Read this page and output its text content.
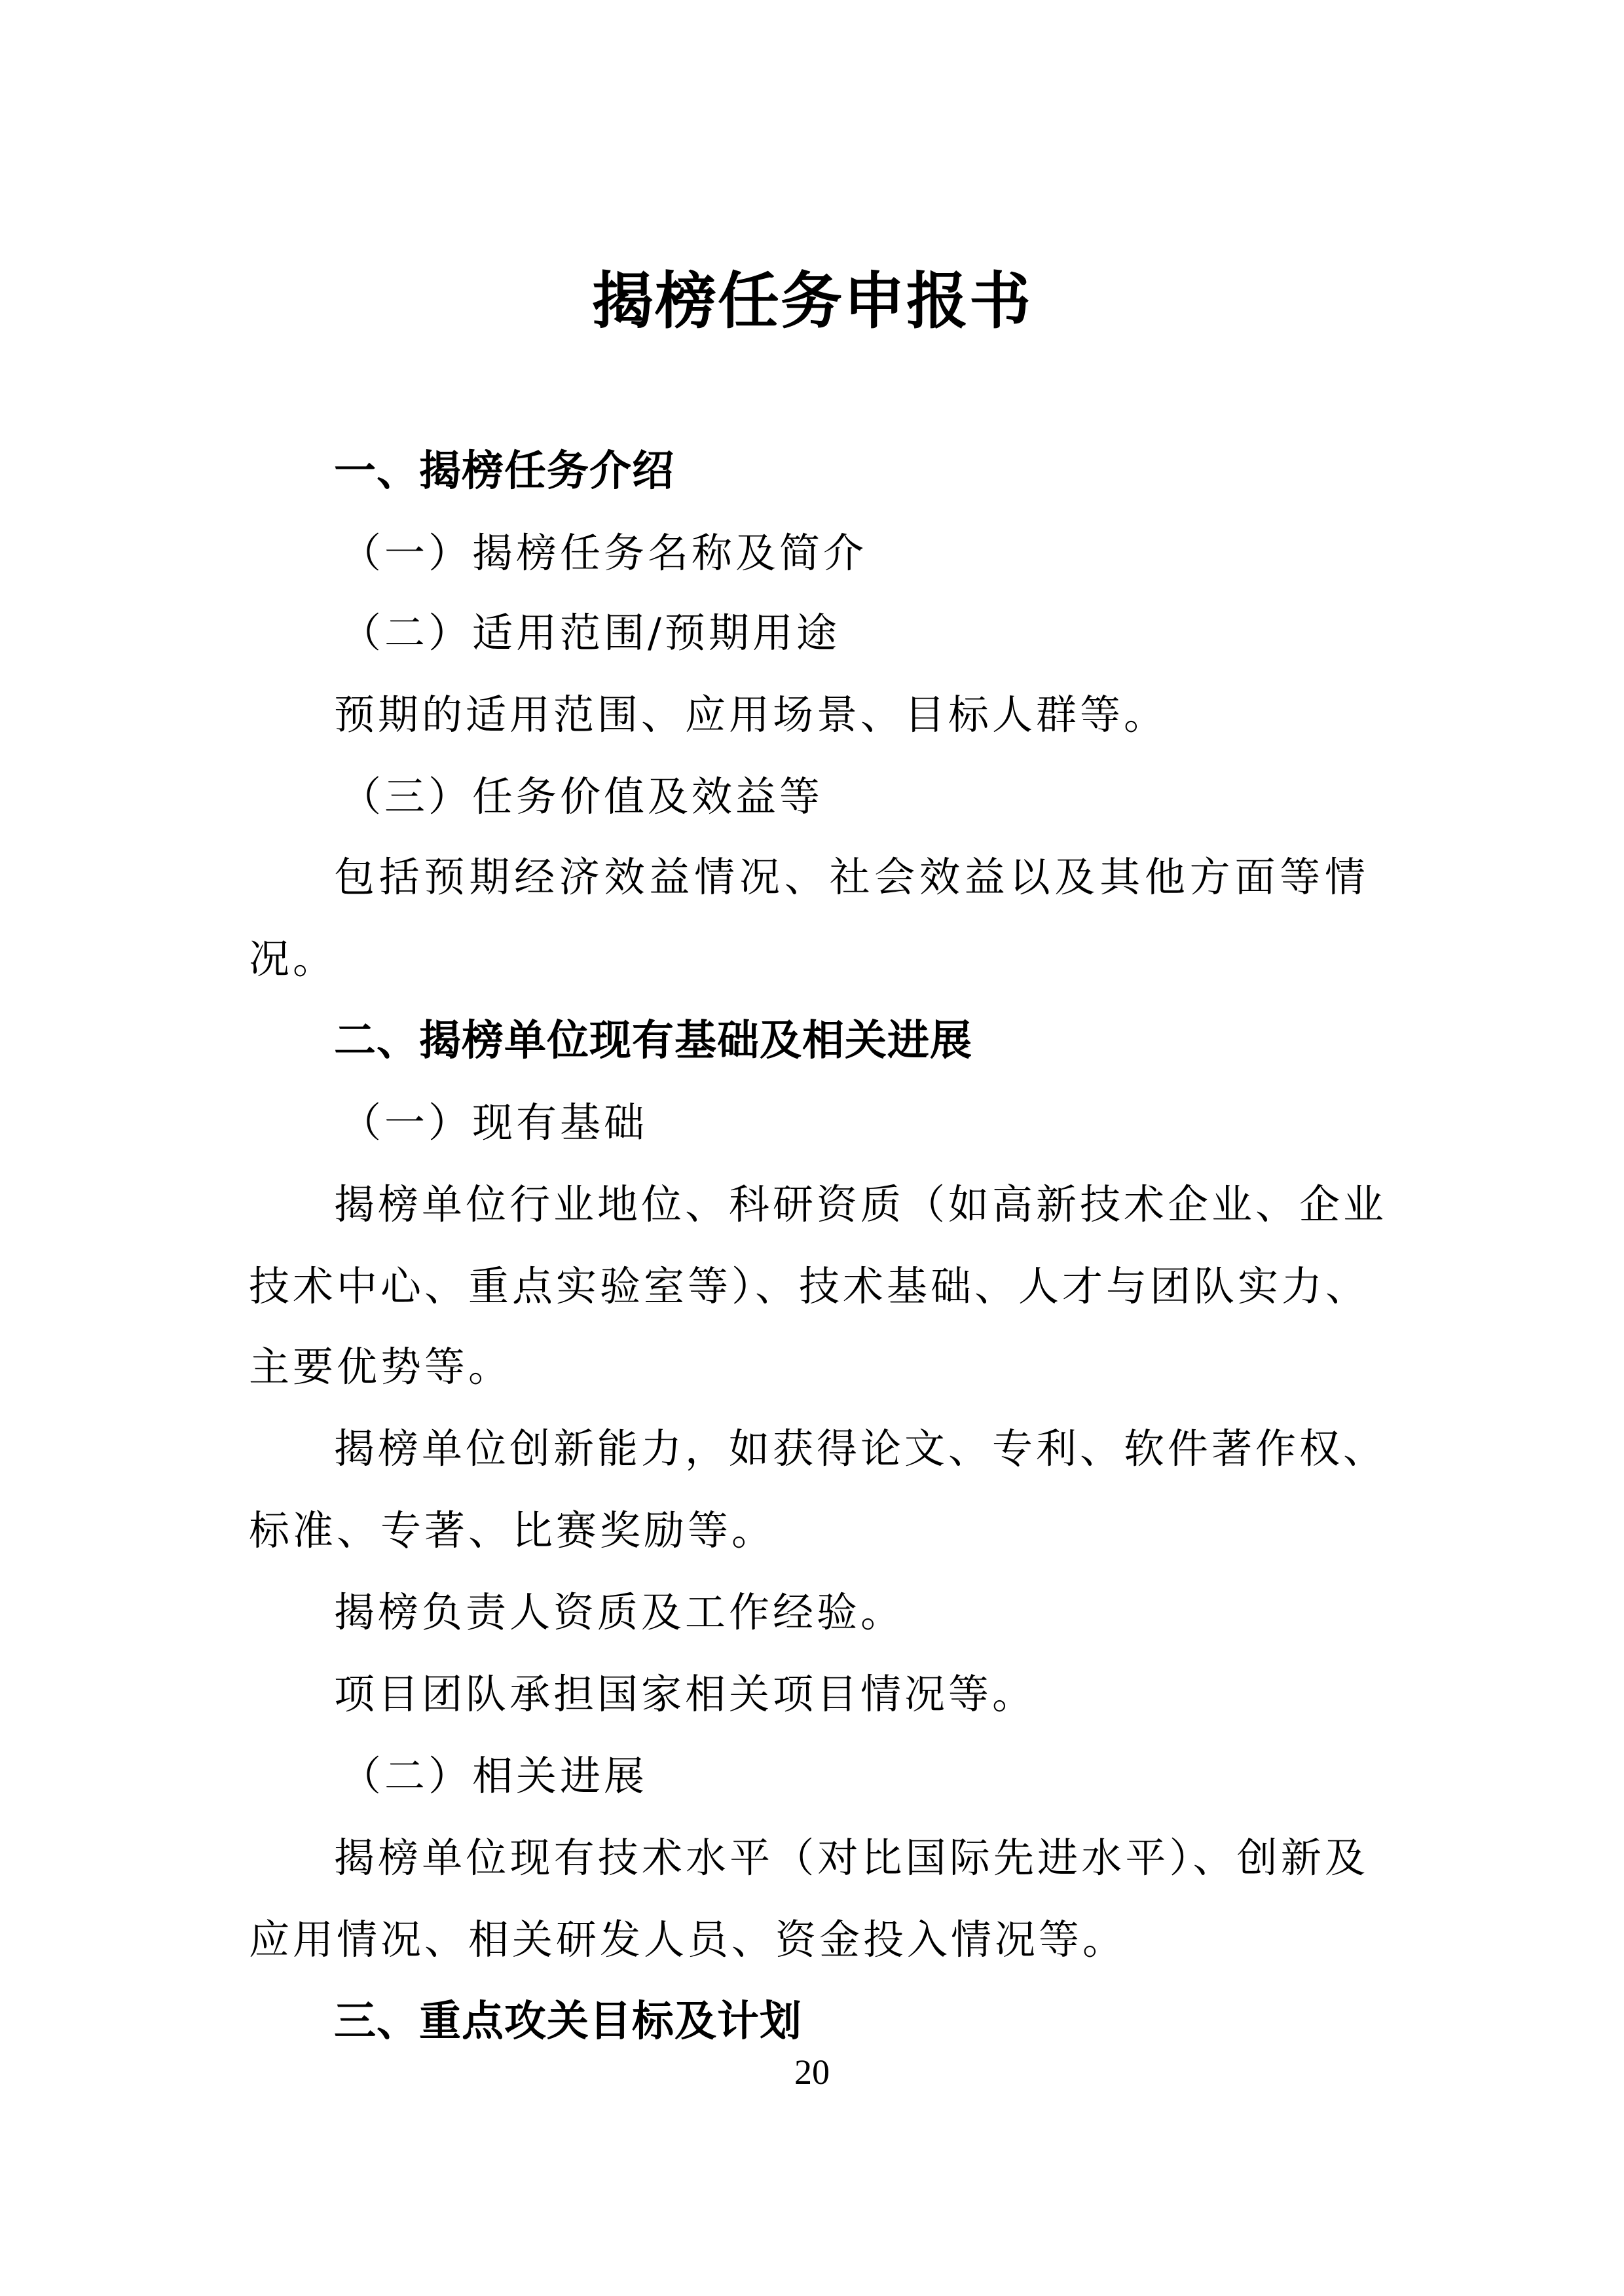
揭榜任务申报书
一、揭榜任务介绍
（一）揭榜任务名称及简介
（二）适用范围/预期用途
预期的适用范围、应用场景、目标人群等。
（三）任务价值及效益等
包括预期经济效益情况、社会效益以及其他方面等情
况。
二、揭榜单位现有基础及相关进展
（一）现有基础
揭榜单位行业地位、科研资质（如高新技术企业、企业
技术中心、重点实验室等）、技术基础、人才与团队实力、
主要优势等。
揭榜单位创新能力，如获得论文、专利、软件著作权、
标准、专著、比赛奖励等。
揭榜负责人资质及工作经验。
项目团队承担国家相关项目情况等。
（二）相关进展
揭榜单位现有技术水平（对比国际先进水平）、创新及
应用情况、相关研发人员、资金投入情况等。
三、重点攻关目标及计划
20
